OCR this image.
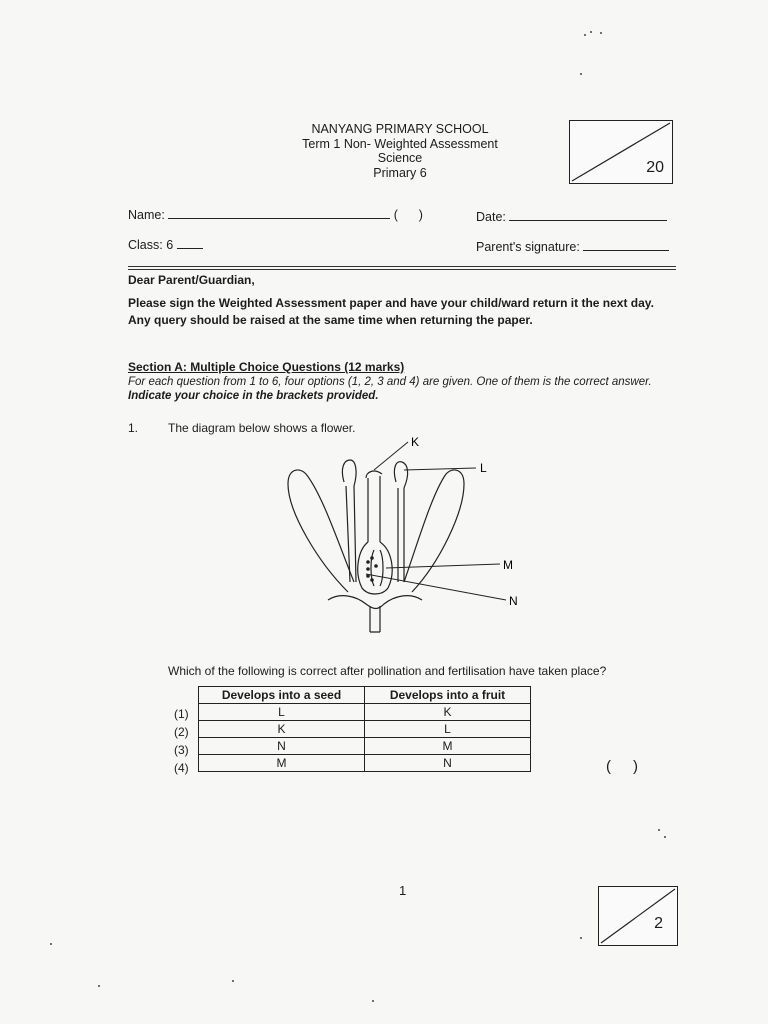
NANYANG PRIMARY SCHOOL
Term 1 Non- Weighted Assessment
Science
Primary 6	20
Name:	(      )	Date:
Class: 6	Parent's signature:
Dear Parent/Guardian,
Please sign the Weighted Assessment paper and have your child/ward return it the next day.
Any query should be raised at the same time when returning the paper.
Section A: Multiple Choice Questions (12 marks)
For each question from 1 to 6, four options (1, 2, 3 and 4) are given. One of them is the correct answer.
Indicate your choice in the brackets provided.
1. The diagram below shows a flower.
K
L
M
N
Which of the following is correct after pollination and fertilisation have taken place?
(1)
(2)
(3)
(4)
Develops into a seed	Develops into a fruit
L	K
K	L
N	M
M	N	()
1
2
